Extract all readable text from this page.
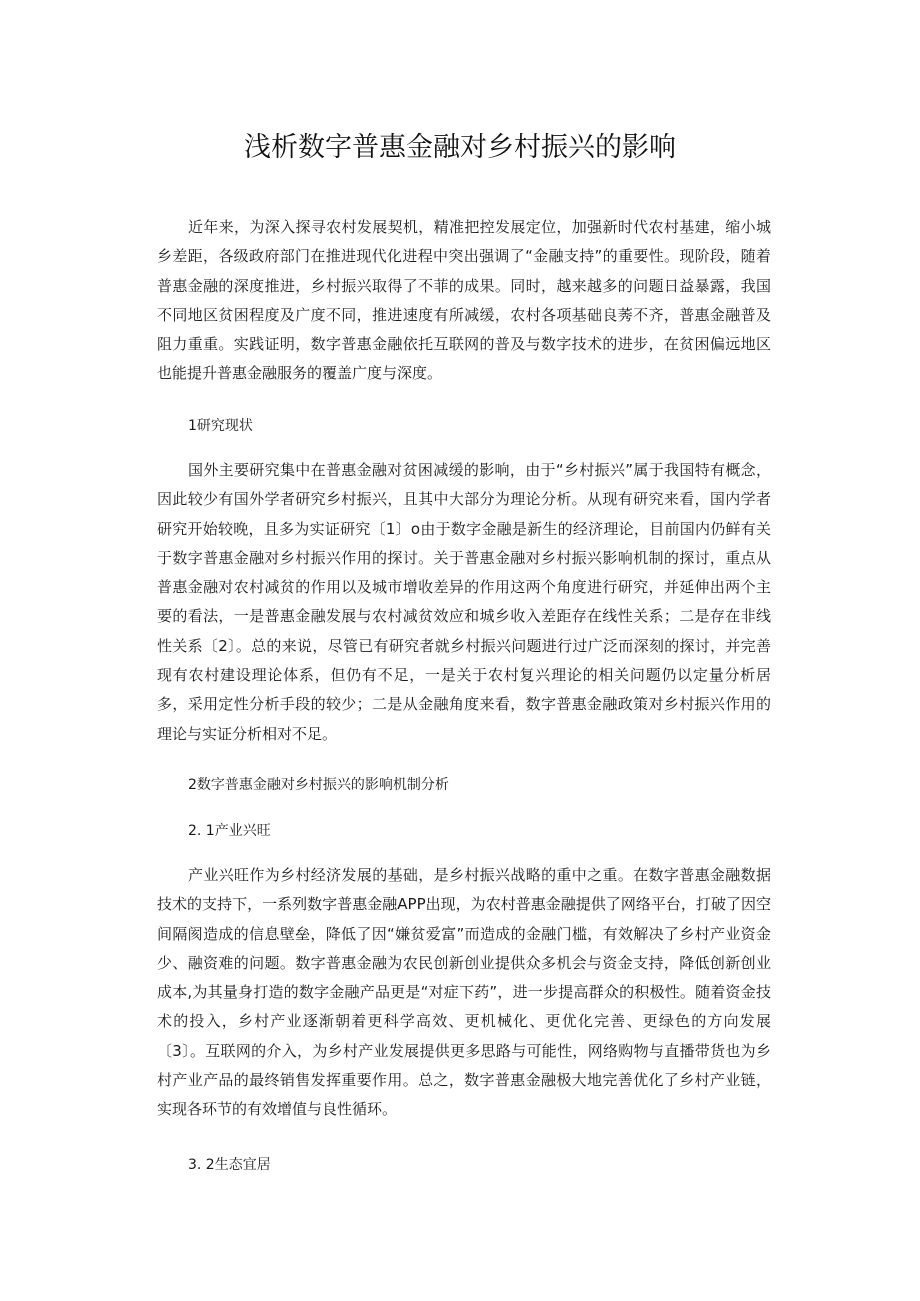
浅析数字普惠金融对乡村振兴的影响

近年来，为深入探寻农村发展契机，精准把控发展定位，加强新时代农村基建，缩小城乡差距，各级政府部门在推进现代化进程中突出强调了“金融支持”的重要性。现阶段，随着普惠金融的深度推进，乡村振兴取得了不菲的成果。同时，越来越多的问题日益暴露，我国不同地区贫困程度及广度不同，推进速度有所减缓，农村各项基础良莠不齐，普惠金融普及阻力重重。实践证明，数字普惠金融依托互联网的普及与数字技术的进步，在贫困偏远地区也能提升普惠金融服务的覆盖广度与深度。

1研究现状

国外主要研究集中在普惠金融对贫困减缓的影响，由于“乡村振兴”属于我国特有概念，因此较少有国外学者研究乡村振兴，且其中大部分为理论分析。从现有研究来看，国内学者研究开始较晚，且多为实证研究〔1〕o由于数字金融是新生的经济理论，目前国内仍鲜有关于数字普惠金融对乡村振兴作用的探讨。关于普惠金融对乡村振兴影响机制的探讨，重点从普惠金融对农村减贫的作用以及城市增收差异的作用这两个角度进行研究，并延伸出两个主要的看法，一是普惠金融发展与农村减贫效应和城乡收入差距存在线性关系；二是存在非线性关系〔2〕。总的来说，尽管已有研究者就乡村振兴问题进行过广泛而深刻的探讨，并完善现有农村建设理论体系，但仍有不足，一是关于农村复兴理论的相关问题仍以定量分析居多，采用定性分析手段的较少；二是从金融角度来看，数字普惠金融政策对乡村振兴作用的理论与实证分析相对不足。

2数字普惠金融对乡村振兴的影响机制分析
2. 1产业兴旺

产业兴旺作为乡村经济发展的基础，是乡村振兴战略的重中之重。在数字普惠金融数据技术的支持下，一系列数字普惠金融APP出现，为农村普惠金融提供了网络平台，打破了因空间隔阂造成的信息壁垒，降低了因“嫌贫爱富”而造成的金融门槛，有效解决了乡村产业资金少、融资难的问题。数字普惠金融为农民创新创业提供众多机会与资金支持，降低创新创业成本,为其量身打造的数字金融产品更是“对症下药”，进一步提高群众的积极性。随着资金技术的投入，乡村产业逐渐朝着更科学高效、更机械化、更优化完善、更绿色的方向发展〔3〕。互联网的介入，为乡村产业发展提供更多思路与可能性，网络购物与直播带货也为乡村产业产品的最终销售发挥重要作用。总之，数字普惠金融极大地完善优化了乡村产业链，实现各环节的有效增值与良性循环。

3. 2生态宜居
